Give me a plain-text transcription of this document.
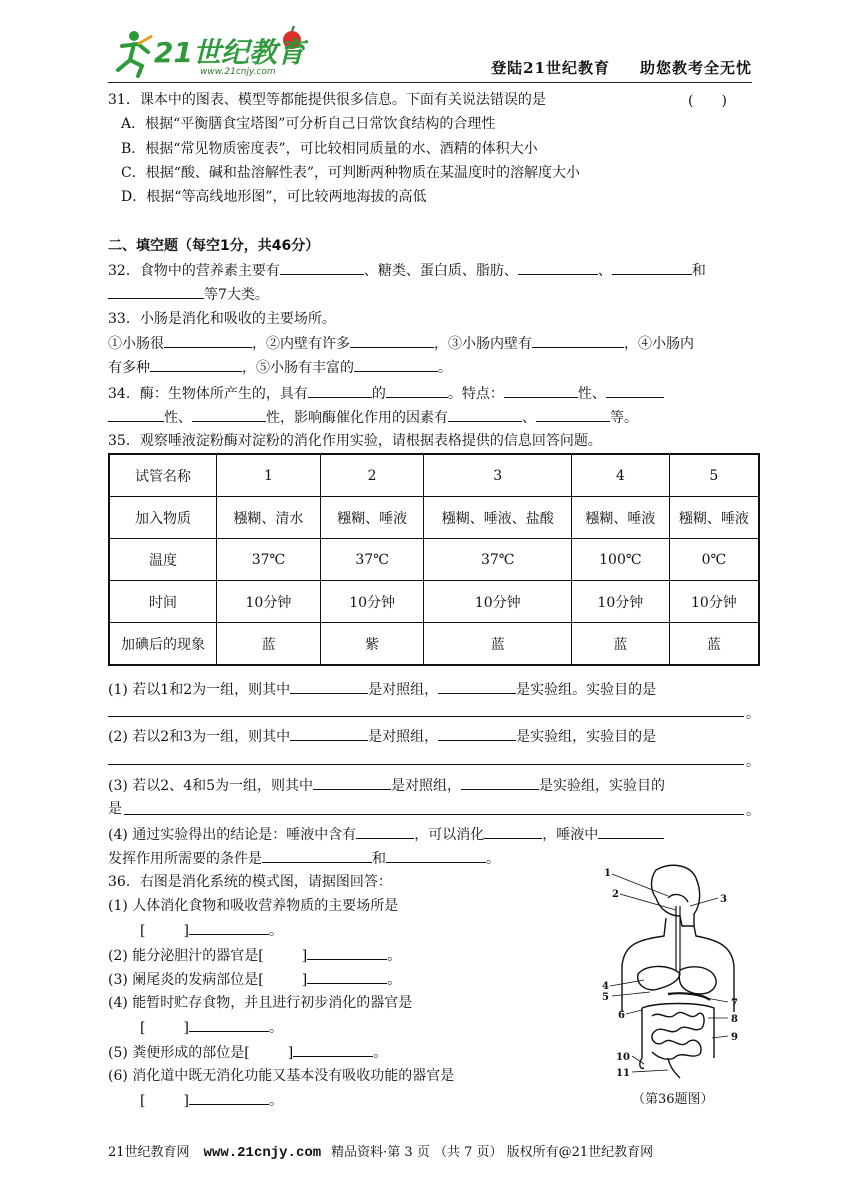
21世纪教育
www.21cnjy.com	登陆21世纪教育 助您教考全无忧
31．课本中的图表、模型等都能提供很多信息。下面有关说法错误的是	(　　)
A．根据“平衡膳食宝塔图”可分析自己日常饮食结构的合理性
B．根据“常见物质密度表”，可比较相同质量的水、酒精的体积大小
C．根据“酸、碱和盐溶解性表”，可判断两种物质在某温度时的溶解度大小
D．根据“等高线地形图”，可比较两地海拔的高低
二、填空题（每空1分，共46分）
32．食物中的营养素主要有	、糖类、蛋白质、脂肪、	、	和
等7大类。
33．小肠是消化和吸收的主要场所。
①小肠很	，②内壁有许多	，③小肠内壁有	，④小肠内
有多种	，⑤小肠有丰富的	。
34．酶：生物体所产生的，具有	的	。特点：	性、
性、	性，影响酶催化作用的因素有	、	等。
35．观察唾液淀粉酶对淀粉的消化作用实验，请根据表格提供的信息回答问题。
试管名称	1	2	3	4	5
加入物质	糨糊、清水	糨糊、唾液	糨糊、唾液、盐酸	糨糊、唾液	糨糊、唾液
温度	37℃	37℃	37℃	100℃	0℃
时间	10分钟	10分钟	10分钟	10分钟	10分钟
加碘后的现象	蓝	紫	蓝	蓝	蓝
(1) 若以1和2为一组，则其中	是对照组，	是实验组。实验目的是
。
(2) 若以2和3为一组，则其中	是对照组，	是实验组，实验目的是
。
(3) 若以2、4和5为一组，则其中	是对照组，	是实验组，实验目的
是	。
(4) 通过实验得出的结论是：唾液中含有	，可以消化	，唾液中
发挥作用所需要的条件是	和	。
36．右图是消化系统的模式图，请据图回答：
(1) 人体消化食物和吸收营养物质的主要场所是
[	]	。
(2) 能分泌胆汁的器官是[	]	。
(3) 阑尾炎的发病部位是[	]	。
(4) 能暂时贮存食物，并且进行初步消化的器官是
[	]	。
(5) 粪便形成的部位是[	]	。
(6) 消化道中既无消化功能又基本没有吸收功能的器官是
[	]	。
1
2	3
4
5
6
7
8
9
10
11
（第36题图）
21世纪教育网 www.21cnjy.com 精品资料·第 3 页 （共 7 页） 版权所有@21世纪教育网
